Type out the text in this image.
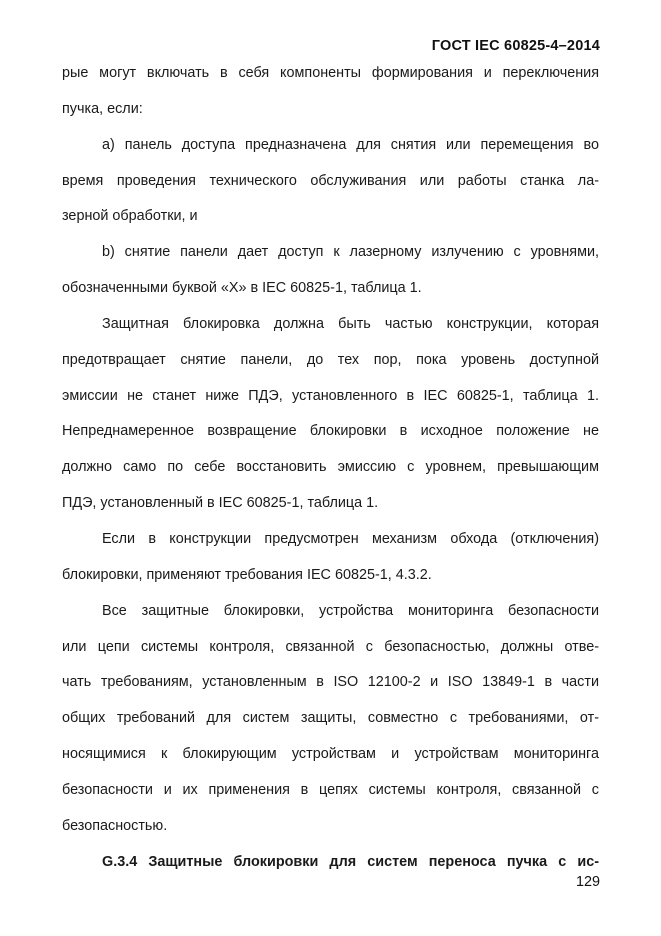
ГОСТ IEC 60825-4–2014
рые могут включать в себя компоненты формирования и переключения
пучка, если:
a) панель доступа предназначена для снятия или перемещения во
время проведения технического обслуживания или работы станка ла-
зерной обработки, и
b) снятие панели дает доступ к лазерному излучению с уровнями,
обозначенными буквой «X» в IEC 60825-1, таблица 1.
Защитная блокировка должна быть частью конструкции, которая
предотвращает снятие панели, до тех пор, пока уровень доступной
эмиссии не станет ниже ПДЭ, установленного в IEC 60825-1, таблица 1.
Непреднамеренное возвращение блокировки в исходное положение не
должно само по себе восстановить эмиссию с уровнем, превышающим
ПДЭ, установленный в IEC 60825-1, таблица 1.
Если в конструкции предусмотрен механизм обхода (отключения)
блокировки, применяют требования IEC 60825-1, 4.3.2.
Все защитные блокировки, устройства мониторинга безопасности
или цепи системы контроля, связанной с безопасностью, должны отве-
чать требованиям, установленным в ISO 12100-2 и ISO 13849-1 в части
общих требований для систем защиты, совместно с требованиями, от-
носящимися к блокирующим устройствам и устройствам мониторинга
безопасности и их применения в цепях системы контроля, связанной с
безопасностью.
G.3.4 Защитные блокировки для систем переноса пучка с ис-
129
